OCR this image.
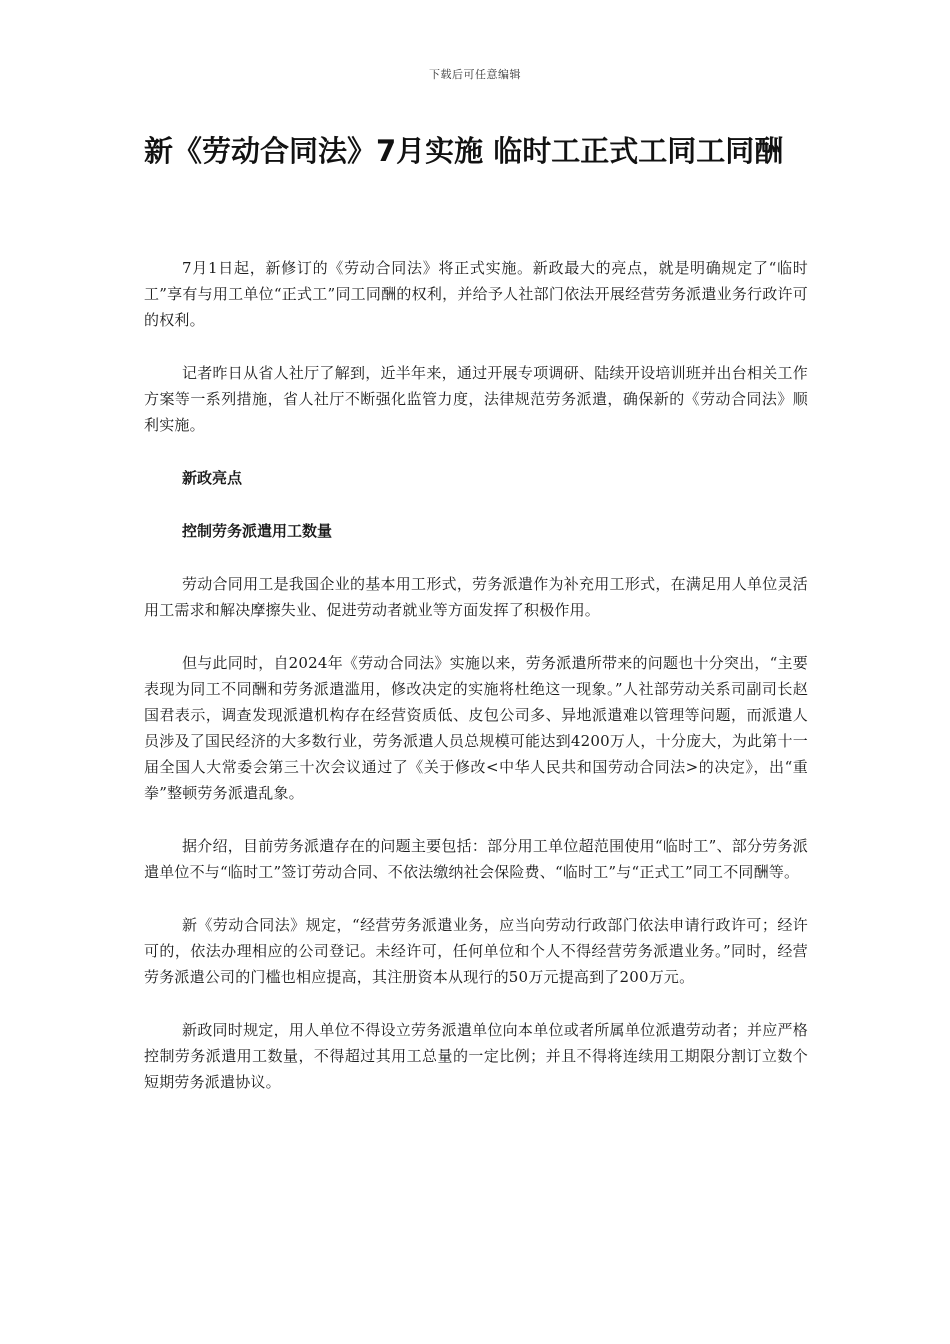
下载后可任意编辑
新《劳动合同法》7月实施 临时工正式工同工同酬

7月1日起，新修订的《劳动合同法》将正式实施。新政最大的亮点，就是明确规定了“临时工”享有与用工单位“正式工”同工同酬的权利，并给予人社部门依法开展经营劳务派遣业务行政许可的权利。

记者昨日从省人社厅了解到，近半年来，通过开展专项调研、陆续开设培训班并出台相关工作方案等一系列措施，省人社厅不断强化监管力度，法律规范劳务派遣，确保新的《劳动合同法》顺利实施。

新政亮点

控制劳务派遣用工数量

劳动合同用工是我国企业的基本用工形式，劳务派遣作为补充用工形式，在满足用人单位灵活用工需求和解决摩擦失业、促进劳动者就业等方面发挥了积极作用。

但与此同时，自2024年《劳动合同法》实施以来，劳务派遣所带来的问题也十分突出，“主要表现为同工不同酬和劳务派遣滥用，修改决定的实施将杜绝这一现象。”人社部劳动关系司副司长赵国君表示，调查发现派遣机构存在经营资质低、皮包公司多、异地派遣难以管理等问题，而派遣人员涉及了国民经济的大多数行业，劳务派遣人员总规模可能达到4200万人，十分庞大，为此第十一届全国人大常委会第三十次会议通过了《关于修改<中华人民共和国劳动合同法>的决定》，出“重拳”整顿劳务派遣乱象。

据介绍，目前劳务派遣存在的问题主要包括：部分用工单位超范围使用“临时工”、部分劳务派遣单位不与“临时工”签订劳动合同、不依法缴纳社会保险费、“临时工”与“正式工”同工不同酬等。

新《劳动合同法》规定，“经营劳务派遣业务，应当向劳动行政部门依法申请行政许可；经许可的，依法办理相应的公司登记。未经许可，任何单位和个人不得经营劳务派遣业务。”同时，经营劳务派遣公司的门槛也相应提高，其注册资本从现行的50万元提高到了200万元。

新政同时规定，用人单位不得设立劳务派遣单位向本单位或者所属单位派遣劳动者；并应严格控制劳务派遣用工数量，不得超过其用工总量的一定比例；并且不得将连续用工期限分割订立数个短期劳务派遣协议。
